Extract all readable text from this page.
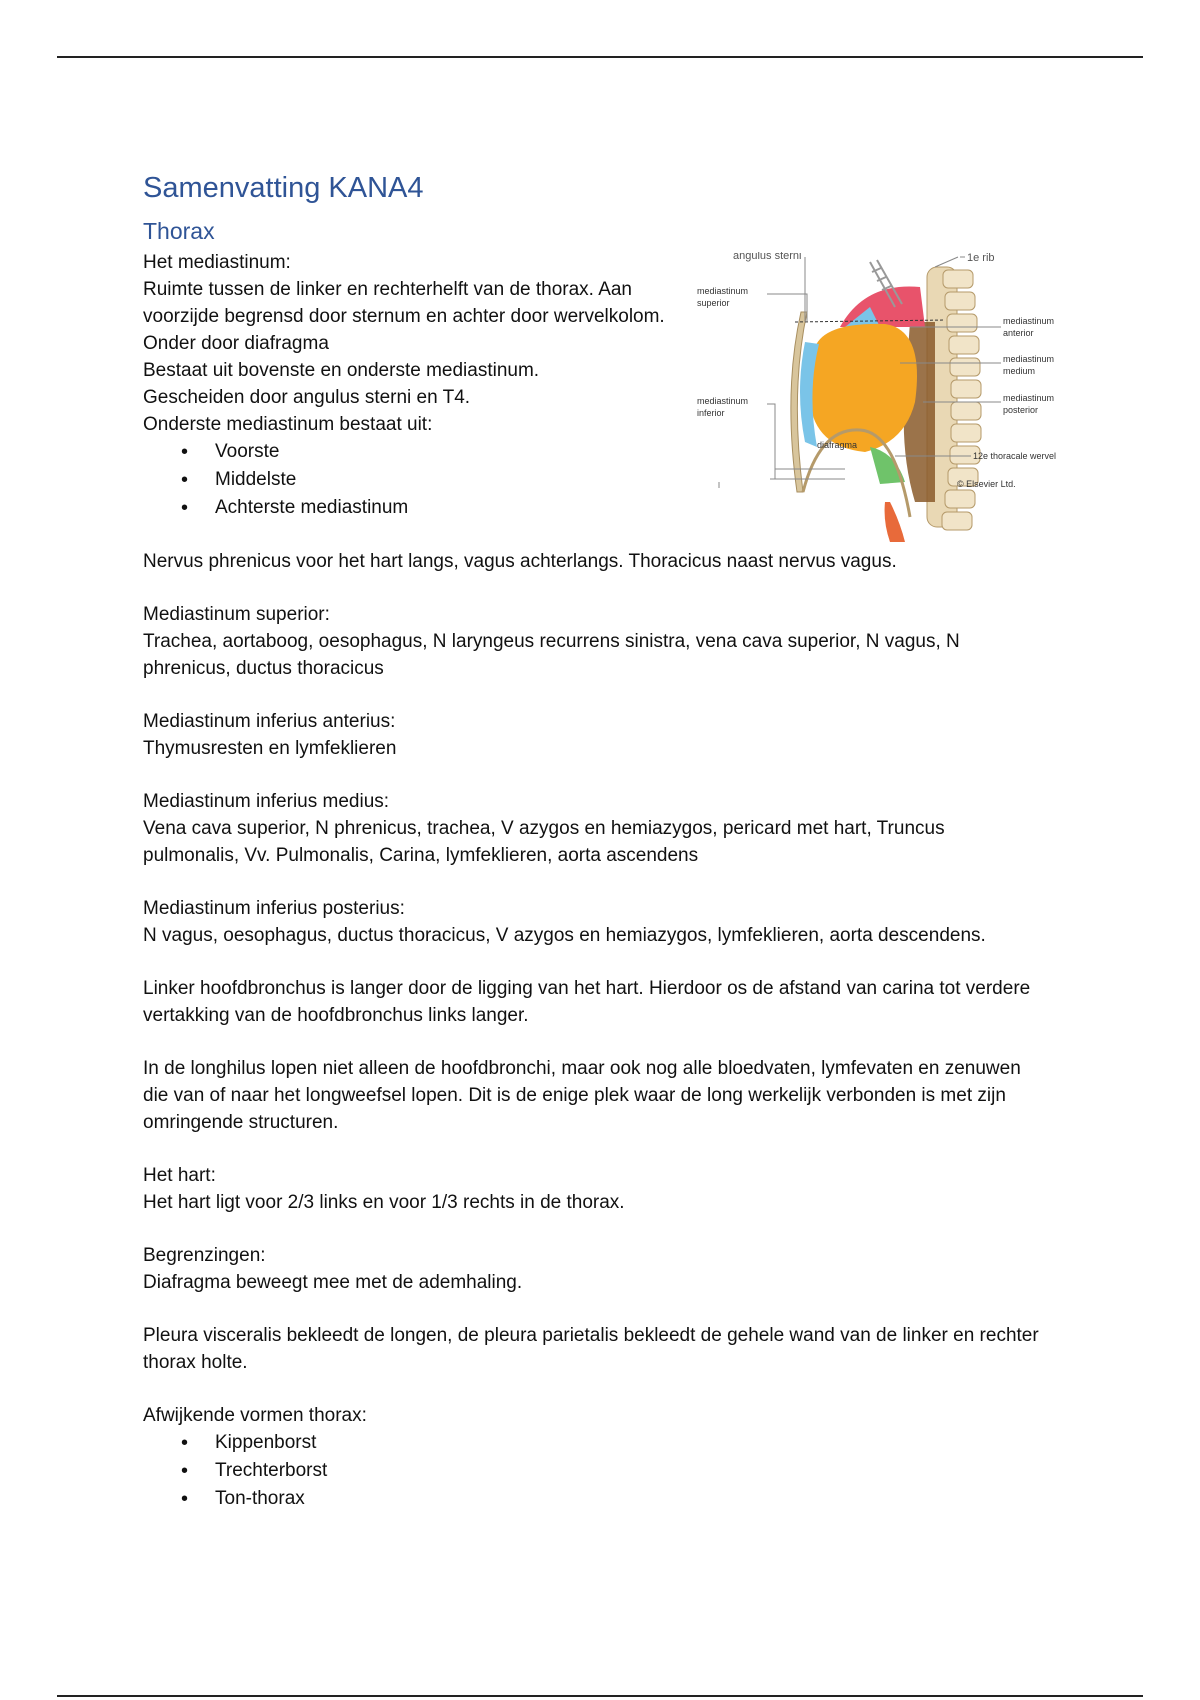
Samenvatting KANA4
Thorax

Het mediastinum:

Ruimte tussen de linker en rechterhelft van de thorax. Aan voorzijde begrensd door sternum en achter door wervelkolom. Onder door diafragma

Bestaat uit bovenste en onderste mediastinum.

Gescheiden door angulus sterni en T4.

Onderste mediastinum bestaat uit:

• Voorste
• Middelste
• Achterste mediastinum

Nervus phrenicus voor het hart langs, vagus achterlangs. Thoracicus naast nervus vagus.

Mediastinum superior:

Trachea, aortaboog, oesophagus, N laryngeus recurrens sinistra, vena cava superior, N vagus, N phrenicus, ductus thoracicus

Mediastinum inferius anterius:

Thymusresten en lymfeklieren

Mediastinum inferius medius:

Vena cava superior, N phrenicus, trachea, V azygos en hemiazygos, pericard met hart, Truncus pulmonalis, Vv. Pulmonalis, Carina, lymfeklieren, aorta ascendens

Mediastinum inferius posterius:

N vagus, oesophagus, ductus thoracicus, V azygos en hemiazygos, lymfeklieren, aorta descendens.

Linker hoofdbronchus is langer door de ligging van het hart. Hierdoor os de afstand van carina tot verdere vertakking van de hoofdbronchus links langer.

In de longhilus lopen niet alleen de hoofdbronchi, maar ook nog alle bloedvaten, lymfevaten en zenuwen die van of naar het longweefsel lopen. Dit is de enige plek waar de long werkelijk verbonden is met zijn omringende structuren.

Het hart:

Het hart ligt voor 2/3 links en voor 1/3 rechts in de thorax.

Begrenzingen:

Diafragma beweegt mee met de ademhaling.

Pleura visceralis bekleedt de longen, de pleura parietalis bekleedt de gehele wand van de linker en rechter thorax holte.

Afwijkende vormen thorax:

• Kippenborst
• Trechterborst
• Ton-thorax
angulus sterni	1e rib
mediastinum
superior
mediastinum
inferior
mediastinum
anterior
mediastinum
medium
mediastinum
posterior
diafragma
12e thoracale wervel
© Elsevier Ltd.
